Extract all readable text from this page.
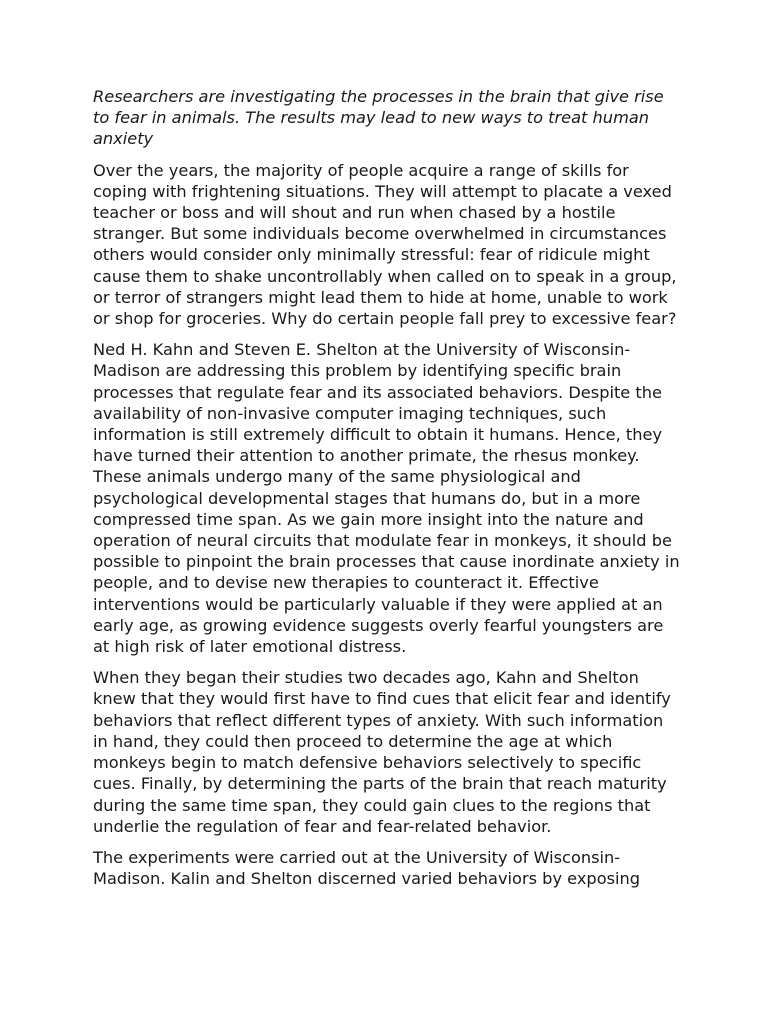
Researchers are investigating the processes in the brain that give rise to fear in animals. The results may lead to new ways to treat human anxiety

Over the years, the majority of people acquire a range of skills for coping with frightening situations. They will attempt to placate a vexed teacher or boss and will shout and run when chased by a hostile stranger. But some individuals become overwhelmed in circumstances others would consider only minimally stressful: fear of ridicule might cause them to shake uncontrollably when called on to speak in a group, or terror of strangers might lead them to hide at home, unable to work or shop for groceries. Why do certain people fall prey to excessive fear?

Ned H. Kahn and Steven E. Shelton at the University of Wisconsin-Madison are addressing this problem by identifying specific brain processes that regulate fear and its associated behaviors. Despite the availability of non-invasive computer imaging techniques, such information is still extremely difficult to obtain it humans. Hence, they have turned their attention to another primate, the rhesus monkey. These animals undergo many of the same physiological and psychological developmental stages that humans do, but in a more compressed time span. As we gain more insight into the nature and operation of neural circuits that modulate fear in monkeys, it should be possible to pinpoint the brain processes that cause inordinate anxiety in people, and to devise new therapies to counteract it. Effective interventions would be particularly valuable if they were applied at an early age, as growing evidence suggests overly fearful youngsters are at high risk of later emotional distress.

When they began their studies two decades ago, Kahn and Shelton knew that they would first have to find cues that elicit fear and identify behaviors that reflect different types of anxiety. With such information in hand, they could then proceed to determine the age at which monkeys begin to match defensive behaviors selectively to specific cues. Finally, by determining the parts of the brain that reach maturity during the same time span, they could gain clues to the regions that underlie the regulation of fear and fear-related behavior.

The experiments were carried out at the University of Wisconsin-Madison. Kalin and Shelton discerned varied behaviors by exposing
